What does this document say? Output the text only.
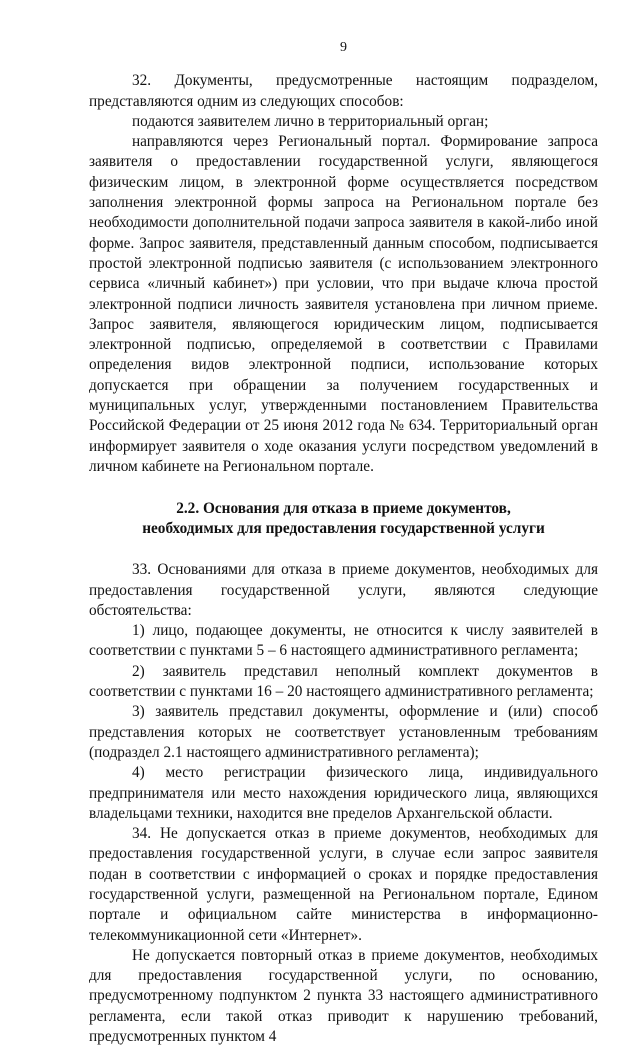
9

32. Документы, предусмотренные настоящим подразделом, представляются одним из следующих способов:

подаются заявителем лично в территориальный орган;

направляются через Региональный портал. Формирование запроса заявителя о предоставлении государственной услуги, являющегося физическим лицом, в электронной форме осуществляется посредством заполнения электронной формы запроса на Региональном портале без необходимости дополнительной подачи запроса заявителя в какой-либо иной форме. Запрос заявителя, представленный данным способом, подписывается простой электронной подписью заявителя (с использованием электронного сервиса «личный кабинет») при условии, что при выдаче ключа простой электронной подписи личность заявителя установлена при личном приеме. Запрос заявителя, являющегося юридическим лицом, подписывается электронной подписью, определяемой в соответствии с Правилами определения видов электронной подписи, использование которых допускается при обращении за получением государственных и муниципальных услуг, утвержденными постановлением Правительства Российской Федерации от 25 июня 2012 года № 634. Территориальный орган информирует заявителя о ходе оказания услуги посредством уведомлений в личном кабинете на Региональном портале.

2.2. Основания для отказа в приеме документов,
необходимых для предоставления государственной услуги

33. Основаниями для отказа в приеме документов, необходимых для предоставления государственной услуги, являются следующие обстоятельства:

1) лицо, подающее документы, не относится к числу заявителей в соответствии с пунктами 5 – 6 настоящего административного регламента;

2) заявитель представил неполный комплект документов в соответствии с пунктами 16 – 20 настоящего административного регламента;

3) заявитель представил документы, оформление и (или) способ представления которых не соответствует установленным требованиям (подраздел 2.1 настоящего административного регламента);

4) место регистрации физического лица, индивидуального предпринимателя или место нахождения юридического лица, являющихся владельцами техники, находится вне пределов Архангельской области.

34. Не допускается отказ в приеме документов, необходимых для предоставления государственной услуги, в случае если запрос заявителя подан в соответствии с информацией о сроках и порядке предоставления государственной услуги, размещенной на Региональном портале, Едином портале и официальном сайте министерства в информационно-телекоммуникационной сети «Интернет».

Не допускается повторный отказ в приеме документов, необходимых для предоставления государственной услуги, по основанию, предусмотренному подпунктом 2 пункта 33 настоящего административного регламента, если такой отказ приводит к нарушению требований, предусмотренных пунктом 4
